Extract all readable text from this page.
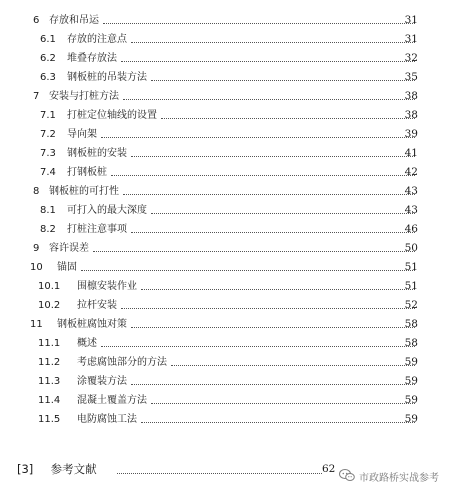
6 存放和吊运	31
6.1 存放的注意点	31
6.2 堆叠存放法	32
6.3 钢板桩的吊装方法	35
7 安装与打桩方法	38
7.1 打桩定位轴线的设置	38
7.2 导向架	39
7.3 钢板桩的安装	41
7.4 打钢板桩	42
8 钢板桩的可打性	43
8.1 可打入的最大深度	43
8.2 打桩注意事项	46
9 容许误差	50
10 锚固	51
10.1 围檩安装作业	51
10.2 拉杆安装	52
11 钢板桩腐蚀对策	58
11.1 概述	58
11.2 考虑腐蚀部分的方法	59
11.3 涂覆装方法	59
11.4 混凝土覆盖方法	59
11.5 电防腐蚀工法	59
[3] 参考文献	62
市政路桥实战参考
